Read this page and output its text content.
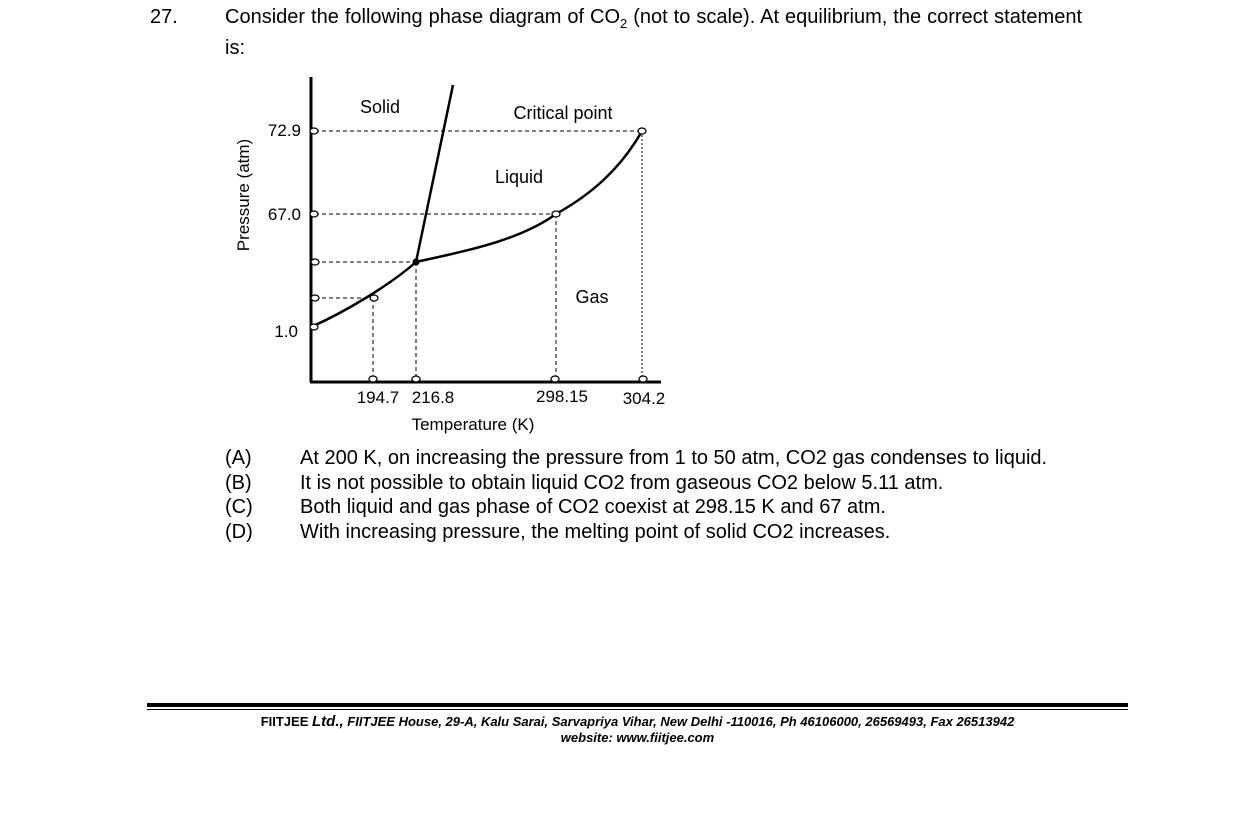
27. Consider the following phase diagram of $CO_2$ (not to scale). At equilibrium, the correct statement is:
Solid	Critical point
Liquid
Gas
72.9
67.0
1.0
194.7 216.8	298.15 304.2
Temperature (K)
Pressure (atm)
(A)	At 200 K, on increasing the pressure from 1 to 50 atm, CO2 gas condenses to liquid.
(B)	It is not possible to obtain liquid CO2 from gaseous CO2 below 5.11 atm.
(C)	Both liquid and gas phase of CO2 coexist at 298.15 K and 67 atm.
(D)	With increasing pressure, the melting point of solid CO2 increases.
FIITJEE Ltd., FIITJEE House, 29-A, Kalu Sarai, Sarvapriya Vihar, New Delhi -110016, Ph 46106000, 26569493, Fax 26513942
website: www.fiitjee.com
